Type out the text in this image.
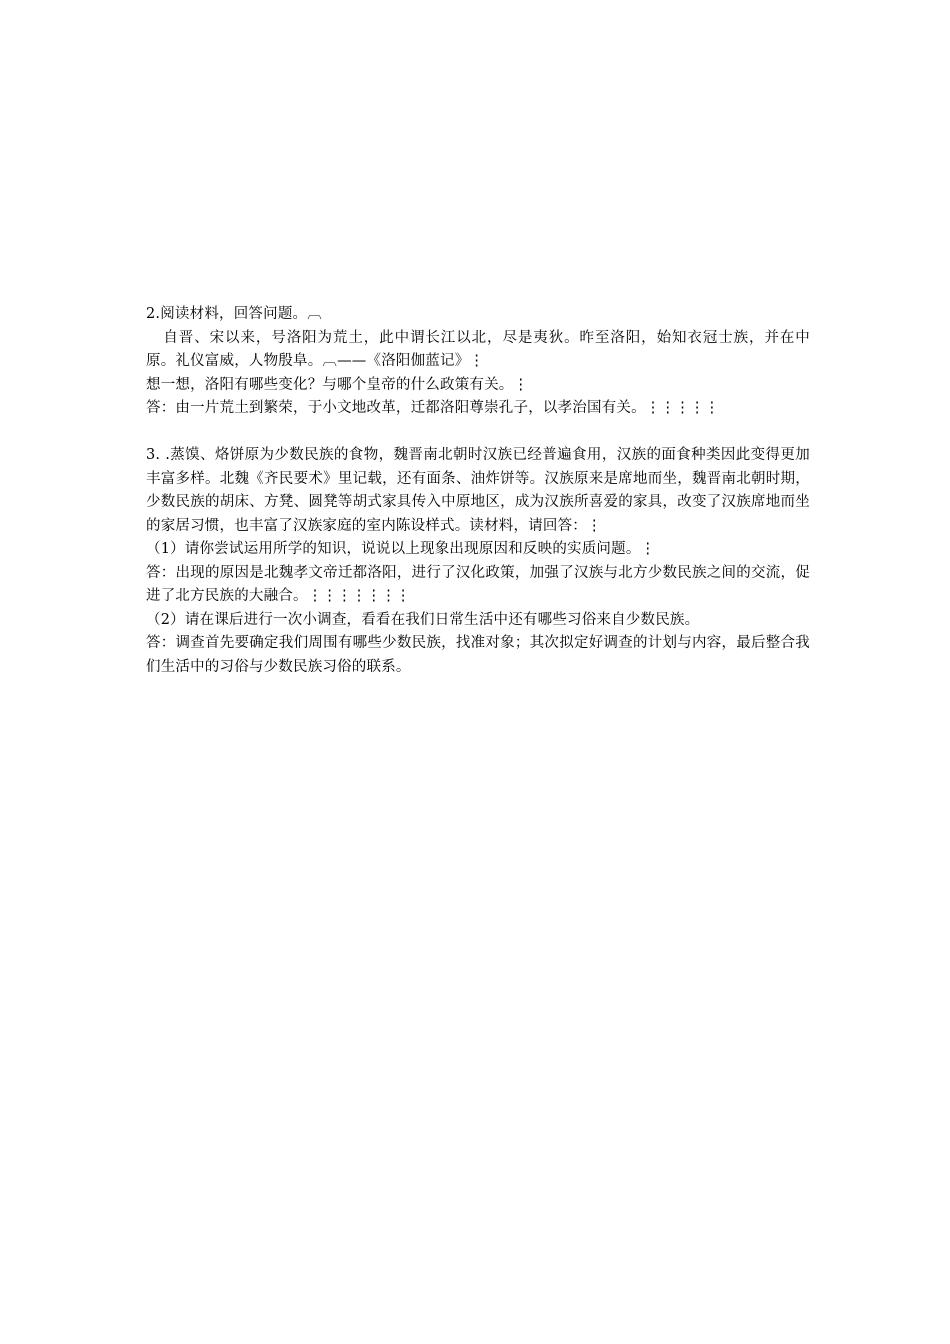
2.阅读材料，回答问题。︹

自晋、宋以来，号洛阳为荒土，此中谓长江以北，尽是夷狄。昨至洛阳，始知衣冠士族，并在中原。礼仪富威，人物殷阜。︹——《洛阳伽蓝记》⋮

想一想，洛阳有哪些变化？与哪个皇帝的什么政策有关。⋮

答：由一片荒土到繁荣，于小文地改革，迁都洛阳尊崇孔子，以孝治国有关。⋮⋮⋮⋮⋮

3. .蒸馍、烙饼原为少数民族的食物，魏晋南北朝时汉族已经普遍食用，汉族的面食种类因此变得更加丰富多样。北魏《齐民要术》里记载，还有面条、油炸饼等。汉族原来是席地而坐，魏晋南北朝时期，少数民族的胡床、方凳、圆凳等胡式家具传入中原地区，成为汉族所喜爱的家具，改变了汉族席地而坐的家居习惯，也丰富了汉族家庭的室内陈设样式。读材料，请回答：⋮

（1）请你尝试运用所学的知识，说说以上现象出现原因和反映的实质问题。⋮

答：出现的原因是北魏孝文帝迁都洛阳，进行了汉化政策，加强了汉族与北方少数民族之间的交流，促进了北方民族的大融合。⋮⋮⋮⋮⋮⋮⋮

（2）请在课后进行一次小调查，看看在我们日常生活中还有哪些习俗来自少数民族。

答：调查首先要确定我们周围有哪些少数民族，找准对象；其次拟定好调查的计划与内容，最后整合我们生活中的习俗与少数民族习俗的联系。
